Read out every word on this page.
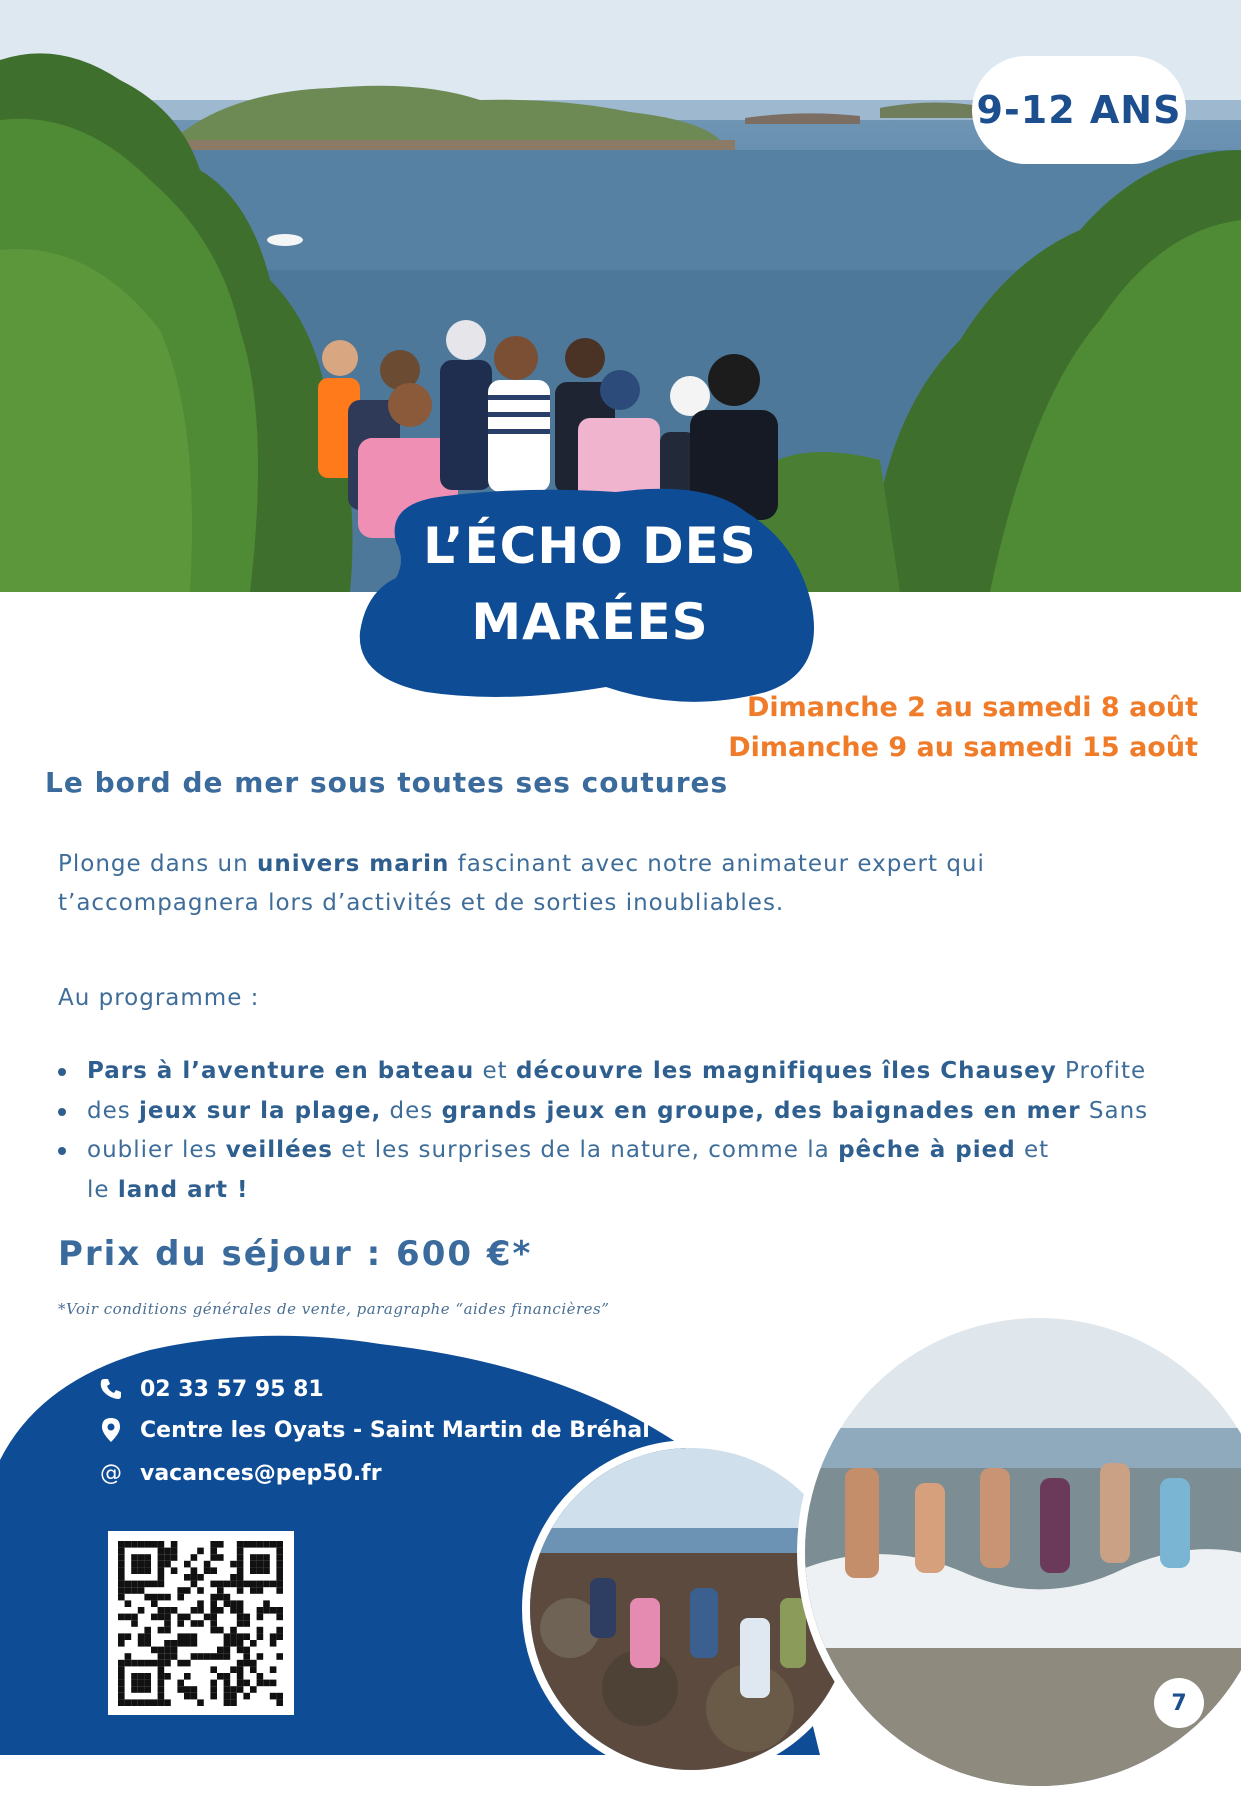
9-12 ANS
L’ÉCHO DES
MARÉES
Dimanche 2 au samedi 8 août
Dimanche 9 au samedi 15 août
Le bord de mer sous toutes ses coutures
Plonge dans un univers marin fascinant avec notre animateur expert qui
t’accompagnera lors d’activités et de sorties inoubliables.
Au programme :
Pars à l’aventure en bateau et découvre les magnifiques îles Chausey Profite
des jeux sur la plage, des grands jeux en groupe, des baignades en mer Sans
oublier les veillées et les surprises de la nature, comme la pêche à pied et
le land art !
Prix du séjour : 600 €*
*Voir conditions générales de vente, paragraphe “aides financières”
02 33 57 95 81
Centre les Oyats - Saint Martin de Bréhal
@ vacances@pep50.fr
7
